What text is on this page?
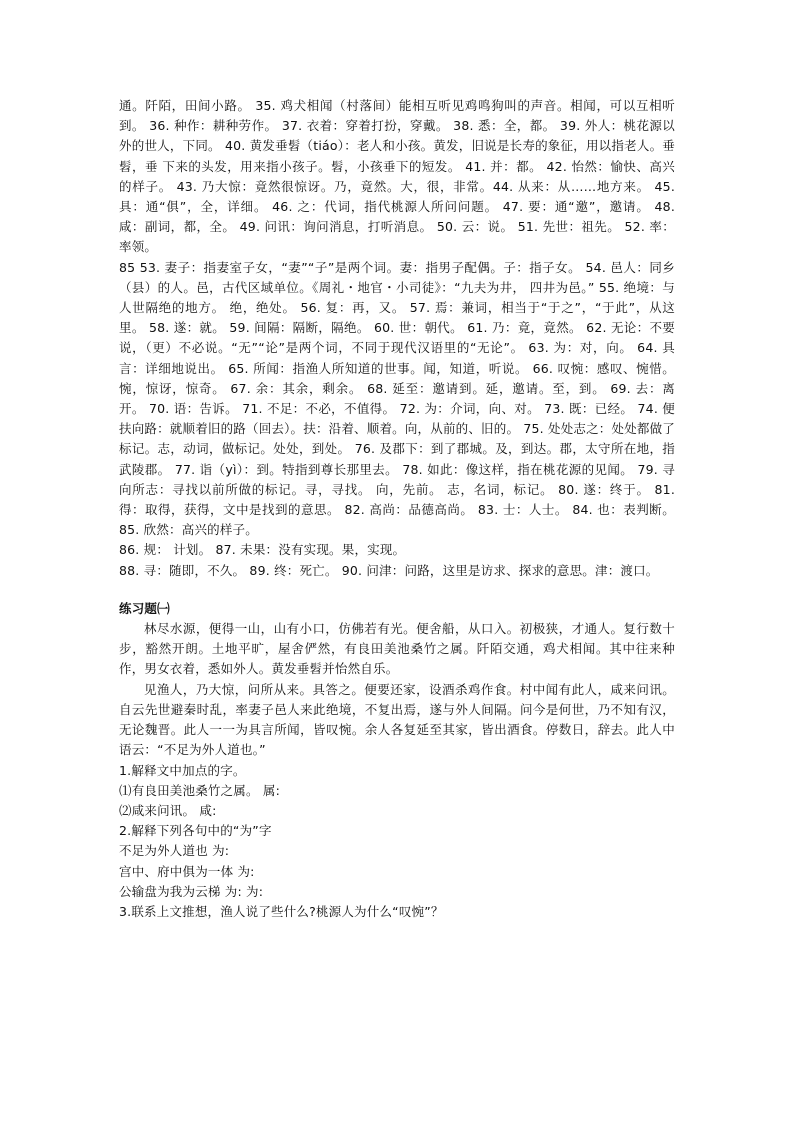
通。阡陌，田间小路。 35. 鸡犬相闻（村落间）能相互听见鸡鸣狗叫的声音。相闻，可以互相听到。 36. 种作：耕种劳作。 37. 衣着：穿着打扮，穿戴。 38. 悉：全，都。 39. 外人：桃花源以外的世人，下同。 40. 黄发垂髫（tiáo）：老人和小孩。黄发，旧说是长寿的象征，用以指老人。垂髫，垂 下来的头发，用来指小孩子。髫，小孩垂下的短发。 41. 并：都。 42. 怡然：愉快、高兴的样子。 43. 乃大惊：竟然很惊讶。乃，竟然。大，很，非常。44. 从来：从……地方来。 45. 具：通“俱”，全，详细。 46. 之：代词，指代桃源人所问问题。 47. 要：通“邀”，邀请。 48. 咸：副词，都，全。 49. 问讯：询问消息，打听消息。 50. 云：说。 51. 先世：祖先。 52. 率：率领。

85 53. 妻子：指妻室子女，“妻”“子”是两个词。妻：指男子配偶。子：指子女。 54. 邑人：同乡（县）的人。邑，古代区域单位。《周礼・地官・小司徒》：“九夫为井， 四井为邑。” 55. 绝境：与人世隔绝的地方。 绝，绝处。 56. 复：再，又。 57. 焉：兼词，相当于“于之”，“于此”，从这里。 58. 遂：就。 59. 间隔：隔断，隔绝。 60. 世：朝代。 61. 乃：竟，竟然。 62. 无论：不要说，（更）不必说。“无”“论”是两个词，不同于现代汉语里的“无论”。 63. 为：对，向。 64. 具言：详细地说出。 65. 所闻：指渔人所知道的世事。闻，知道，听说。 66. 叹惋：感叹、惋惜。惋，惊讶，惊奇。 67. 余：其余，剩余。 68. 延至：邀请到。延，邀请。至，到。 69. 去：离开。 70. 语：告诉。 71. 不足：不必，不值得。 72. 为：介词，向、对。 73. 既：已经。 74. 便扶向路：就顺着旧的路（回去）。扶：沿着、顺着。向，从前的、旧的。 75. 处处志之：处处都做了标记。志，动词，做标记。处处，到处。 76. 及郡下：到了郡城。及，到达。郡，太守所在地，指武陵郡。 77. 诣（yì）：到。特指到尊长那里去。 78. 如此：像这样，指在桃花源的见闻。 79. 寻向所志：寻找以前所做的标记。寻，寻找。 向，先前。 志，名词，标记。 80. 遂：终于。 81. 得：取得，获得，文中是找到的意思。 82. 高尚：品德高尚。 83. 士：人士。 84. 也：表判断。 85. 欣然：高兴的样子。

86. 规： 计划。 87. 未果：没有实现。果，实现。

88. 寻：随即，不久。 89. 终：死亡。 90. 问津：问路，这里是访求、探求的意思。津：渡口。

练习题㈠

林尽水源，便得一山，山有小口，仿佛若有光。便舍船，从口入。初极狭，才通人。复行数十步，豁然开朗。土地平旷，屋舍俨然，有良田美池桑竹之属。阡陌交通，鸡犬相闻。其中往来种作，男女衣着，悉如外人。黄发垂髫并怡然自乐。

见渔人，乃大惊，问所从来。具答之。便要还家，设酒杀鸡作食。村中闻有此人，咸来问讯。自云先世避秦时乱，率妻子邑人来此绝境，不复出焉，遂与外人间隔。问今是何世，乃不知有汉，无论魏晋。此人一一为具言所闻，皆叹惋。余人各复延至其家，皆出酒食。停数日，辞去。此人中语云：“不足为外人道也。”

1.解释文中加点的字。

⑴有良田美池桑竹之属。 属:

⑵咸来问讯。 咸:

2.解释下列各句中的“为”字

不足为外人道也 为:

宫中、府中俱为一体 为:

公输盘为我为云梯 为: 为:

3.联系上文推想，渔人说了些什么?桃源人为什么“叹惋”？
